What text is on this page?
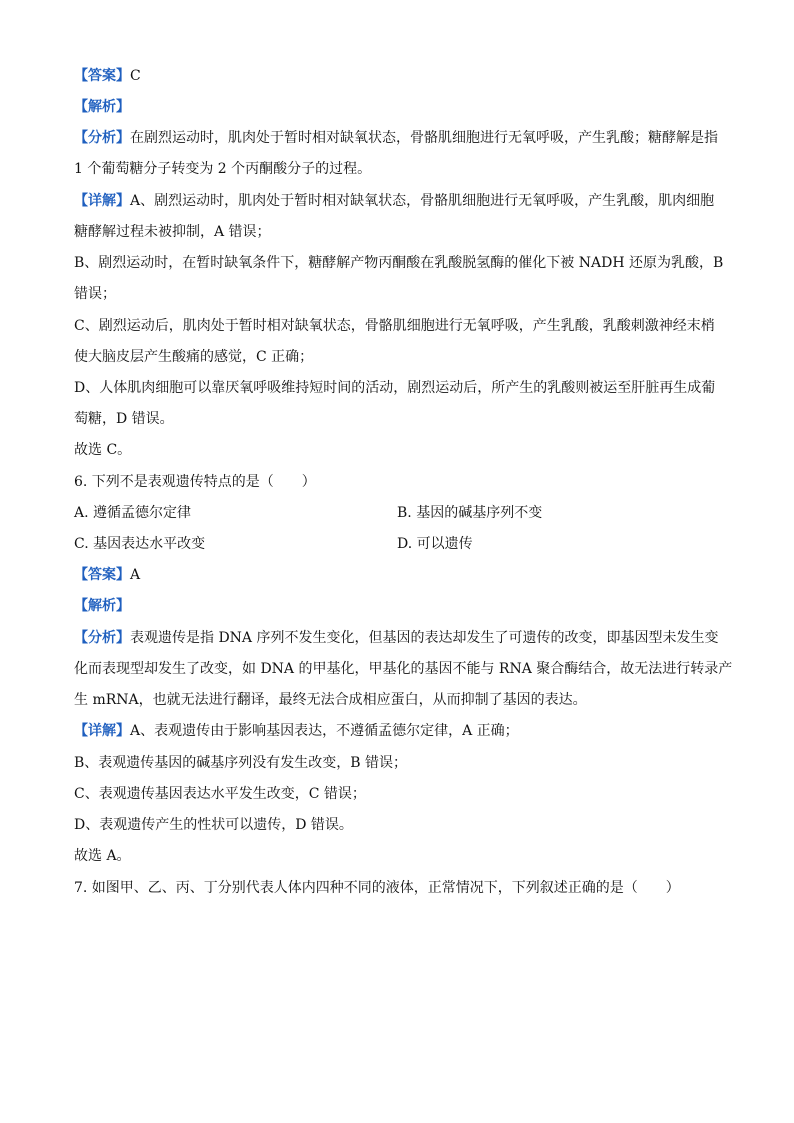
【答案】C
【解析】
【分析】在剧烈运动时，肌肉处于暂时相对缺氧状态，骨骼肌细胞进行无氧呼吸，产生乳酸；糖酵解是指
1 个葡萄糖分子转变为 2 个丙酮酸分子的过程。
【详解】A、剧烈运动时，肌肉处于暂时相对缺氧状态，骨骼肌细胞进行无氧呼吸，产生乳酸，肌肉细胞
糖酵解过程未被抑制，A 错误；
B、剧烈运动时，在暂时缺氧条件下，糖酵解产物丙酮酸在乳酸脱氢酶的催化下被 NADH 还原为乳酸，B
错误；
C、剧烈运动后，肌肉处于暂时相对缺氧状态，骨骼肌细胞进行无氧呼吸，产生乳酸，乳酸刺激神经末梢
使大脑皮层产生酸痛的感觉，C 正确；
D、人体肌肉细胞可以靠厌氧呼吸维持短时间的活动，剧烈运动后，所产生的乳酸则被运至肝脏再生成葡
萄糖，D 错误。
故选 C。
6. 下列不是表观遗传特点的是（　　）
A. 遵循孟德尔定律	B. 基因的碱基序列不变
C. 基因表达水平改变	D. 可以遗传
【答案】A
【解析】
【分析】表观遗传是指 DNA 序列不发生变化，但基因的表达却发生了可遗传的改变，即基因型未发生变
化而表现型却发生了改变，如 DNA 的甲基化，甲基化的基因不能与 RNA 聚合酶结合，故无法进行转录产
生 mRNA，也就无法进行翻译，最终无法合成相应蛋白，从而抑制了基因的表达。
【详解】A、表观遗传由于影响基因表达，不遵循孟德尔定律，A 正确；
B、表观遗传基因的碱基序列没有发生改变，B 错误；
C、表观遗传基因表达水平发生改变，C 错误；
D、表观遗传产生的性状可以遗传，D 错误。
故选 A。
7. 如图甲、乙、丙、丁分别代表人体内四种不同的液体，正常情况下，下列叙述正确的是（　　）
